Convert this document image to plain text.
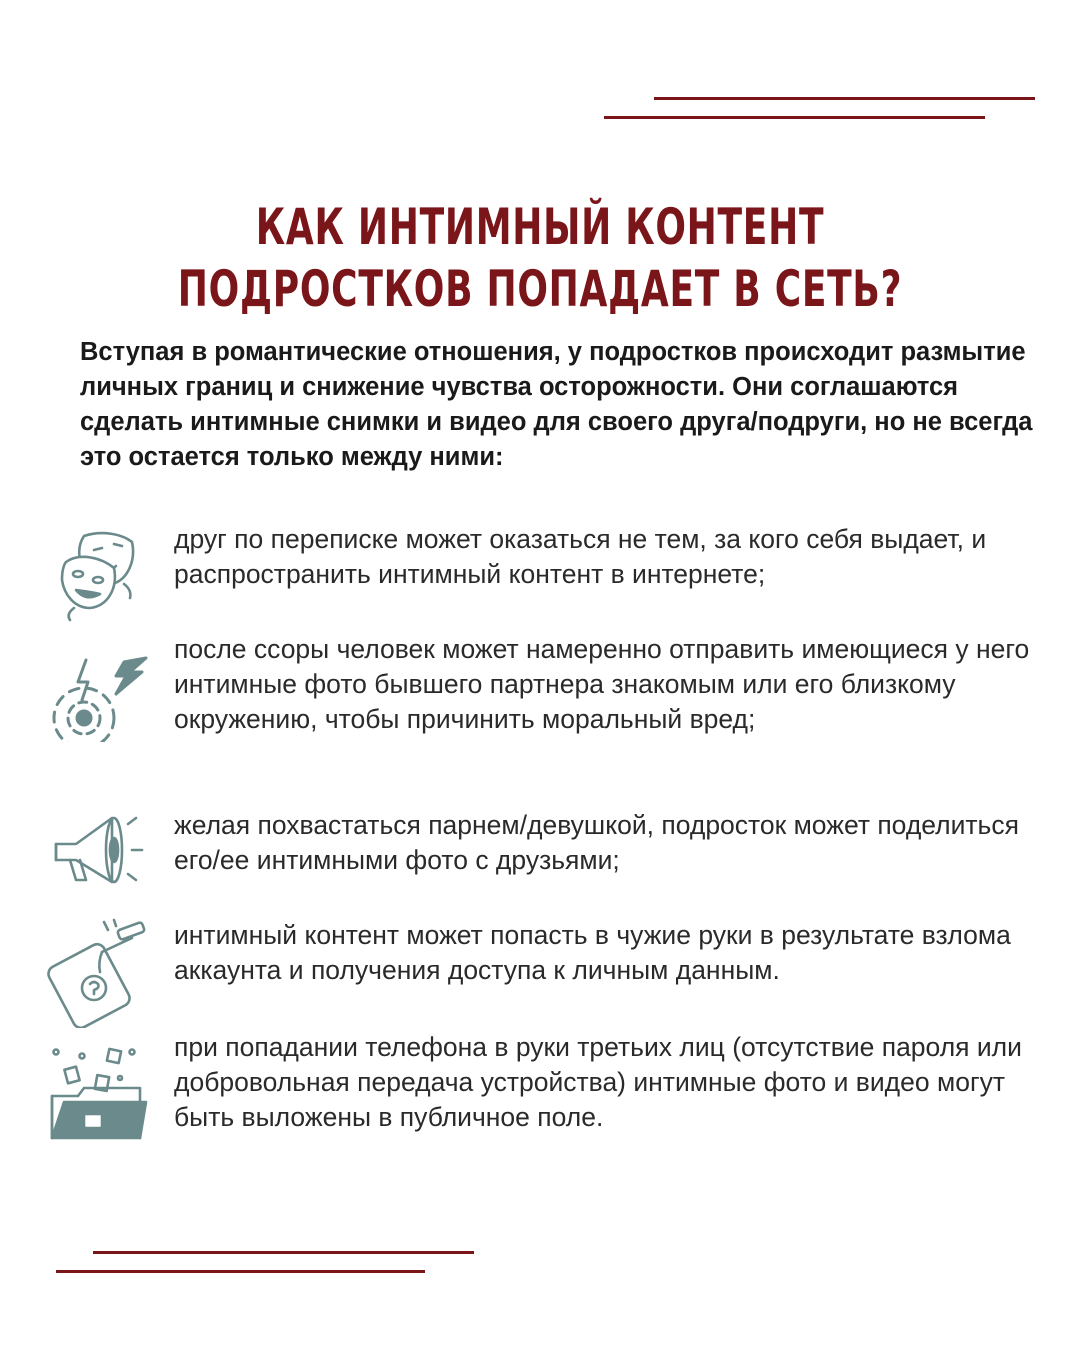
КАК ИНТИМНЫЙ КОНТЕНТ
ПОДРОСТКОВ ПОПАДАЕТ В СЕТЬ?
Вступая в романтические отношения, у подростков происходит размытие личных границ и снижение чувства осторожности. Они соглашаются сделать интимные снимки и видео для своего друга/подруги, но не всегда это остается только между ними:
друг по переписке может оказаться не тем, за кого себя выдает, и распространить интимный контент в интернете;
после ссоры человек может намеренно отправить имеющиеся у него интимные фото бывшего партнера знакомым или его близкому окружению, чтобы причинить моральный вред;
желая похвастаться парнем/девушкой, подросток может поделиться его/ее интимными фото с друзьями;
интимный контент может попасть в чужие руки в результате взлома аккаунта и получения доступа к личным данным.
при попадании телефона в руки третьих лиц (отсутствие пароля или добровольная передача устройства) интимные фото и видео могут быть выложены в публичное поле.
